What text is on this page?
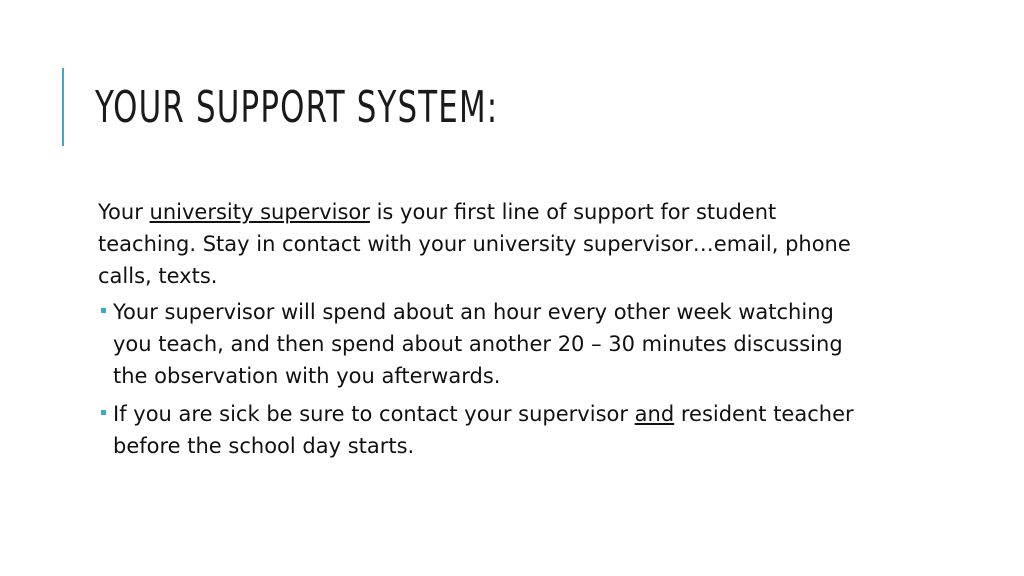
YOUR SUPPORT SYSTEM:

Your university supervisor is your first line of support for student teaching. Stay in contact with your university supervisor…email, phone calls, texts.

Your supervisor will spend about an hour every other week watching you teach, and then spend about another 20 – 30 minutes discussing the observation with you afterwards.
If you are sick be sure to contact your supervisor and resident teacher before the school day starts.
